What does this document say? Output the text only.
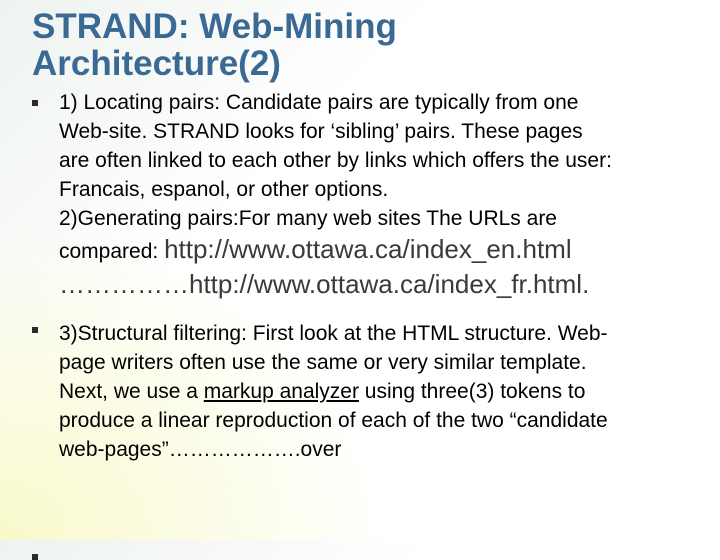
STRAND: Web-Mining
Architecture(2)
1) Locating pairs: Candidate pairs are typically from one
Web-site. STRAND looks for ‘sibling’ pairs. These pages
are often linked to each other by links which offers the user:
Francais, espanol, or other options.
2)Generating pairs:For many web sites The URLs are
compared: http://www.ottawa.ca/index_en.html
……………http://www.ottawa.ca/index_fr.html.
3)Structural filtering: First look at the HTML structure. Web-
page writers often use the same or very similar template.
Next, we use a markup analyzer using three(3) tokens to
produce a linear reproduction of each of the two “candidate
web-pages”……………….over
